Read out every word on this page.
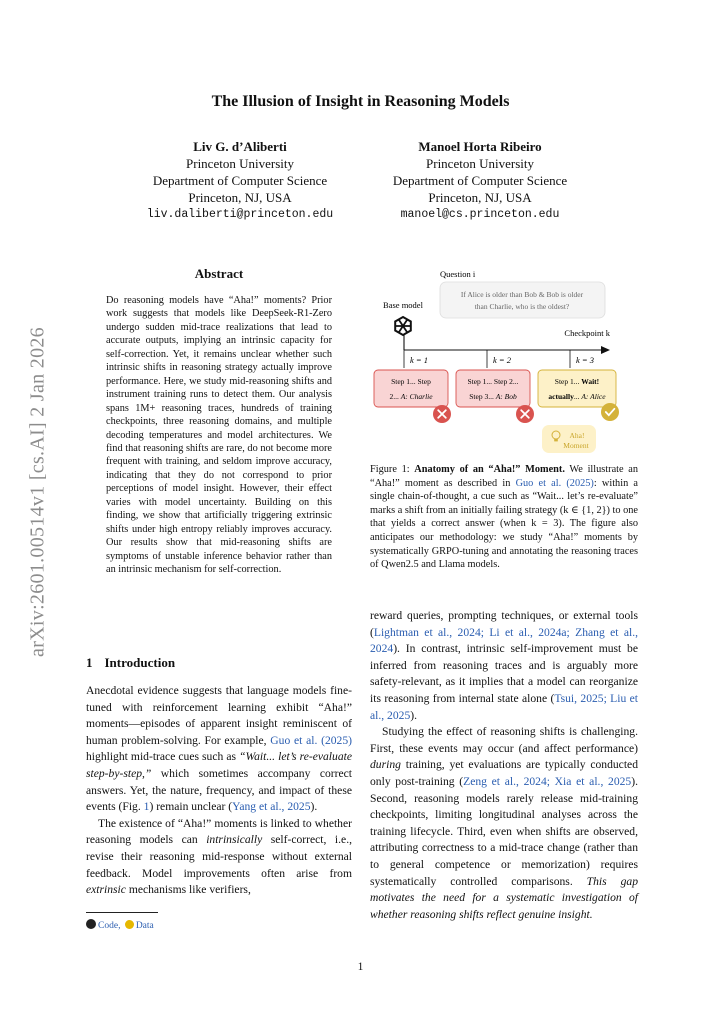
arXiv:2601.00514v1 [cs.AI] 2 Jan 2026
The Illusion of Insight in Reasoning Models
Liv G. d’Aliberti
Princeton University
Department of Computer Science
Princeton, NJ, USA
liv.daliberti@princeton.edu
Manoel Horta Ribeiro
Princeton University
Department of Computer Science
Princeton, NJ, USA
manoel@cs.princeton.edu
Abstract
Do reasoning models have “Aha!” moments? Prior work suggests that models like DeepSeek-R1-Zero undergo sudden mid-trace realizations that lead to accurate outputs, implying an intrinsic capacity for self-correction. Yet, it remains unclear whether such intrinsic shifts in reasoning strategy actually improve performance. Here, we study mid-reasoning shifts and instrument training runs to detect them. Our analysis spans 1M+ reasoning traces, hundreds of training checkpoints, three reasoning domains, and multiple decoding temperatures and model architectures. We find that reasoning shifts are rare, do not become more frequent with training, and seldom improve accuracy, indicating that they do not correspond to prior perceptions of model insight. However, their effect varies with model uncertainty. Building on this finding, we show that artificially triggering extrinsic shifts under high entropy reliably improves accuracy. Our results show that mid-reasoning shifts are symptoms of unstable inference behavior rather than an intrinsic mechanism for self-correction.
1 Introduction

Anecdotal evidence suggests that language models fine-tuned with reinforcement learning exhibit “Aha!” moments—episodes of apparent insight reminiscent of human problem-solving. For example, Guo et al. (2025) highlight mid-trace cues such as “Wait... let’s re-evaluate step-by-step,” which sometimes accompany correct answers. Yet, the nature, frequency, and impact of these events (Fig. 1) remain unclear (Yang et al., 2025).

The existence of “Aha!” moments is linked to whether reasoning models can intrinsically self-correct, i.e., revise their reasoning mid-response without external feedback. Model improvements often arise from extrinsic mechanisms like verifiers,

Code, Data
Question i
If Alice is older than Bob & Bob is older
than Charlie, who is the oldest?
Base model
Checkpoint k
k = 1	k = 2	k = 3
Step 1... Step
2... A: Charlie
Step 1... Step 2...
Step 3... A: Bob
Step 1... Wait!
actually... A: Alice
Aha!
Moment
Figure 1: Anatomy of an “Aha!” Moment. We illustrate an “Aha!” moment as described in Guo et al. (2025): within a single chain-of-thought, a cue such as “Wait... let’s re-evaluate” marks a shift from an initially failing strategy (k ∈ {1, 2}) to one that yields a correct answer (when k = 3). The figure also anticipates our methodology: we study “Aha!” moments by systematically GRPO-tuning and annotating the reasoning traces of Qwen2.5 and Llama models.

reward queries, prompting techniques, or external tools (Lightman et al., 2024; Li et al., 2024a; Zhang et al., 2024). In contrast, intrinsic self-improvement must be inferred from reasoning traces and is arguably more safety-relevant, as it implies that a model can reorganize its reasoning from internal state alone (Tsui, 2025; Liu et al., 2025).

Studying the effect of reasoning shifts is challenging. First, these events may occur (and affect performance) during training, yet evaluations are typically conducted only post-training (Zeng et al., 2024; Xia et al., 2025). Second, reasoning models rarely release mid-training checkpoints, limiting longitudinal analyses across the training lifecycle. Third, even when shifts are observed, attributing correctness to a mid-trace change (rather than to general competence or memorization) requires systematically controlled comparisons. This gap motivates the need for a systematic investigation of whether reasoning shifts reflect genuine insight.

1
